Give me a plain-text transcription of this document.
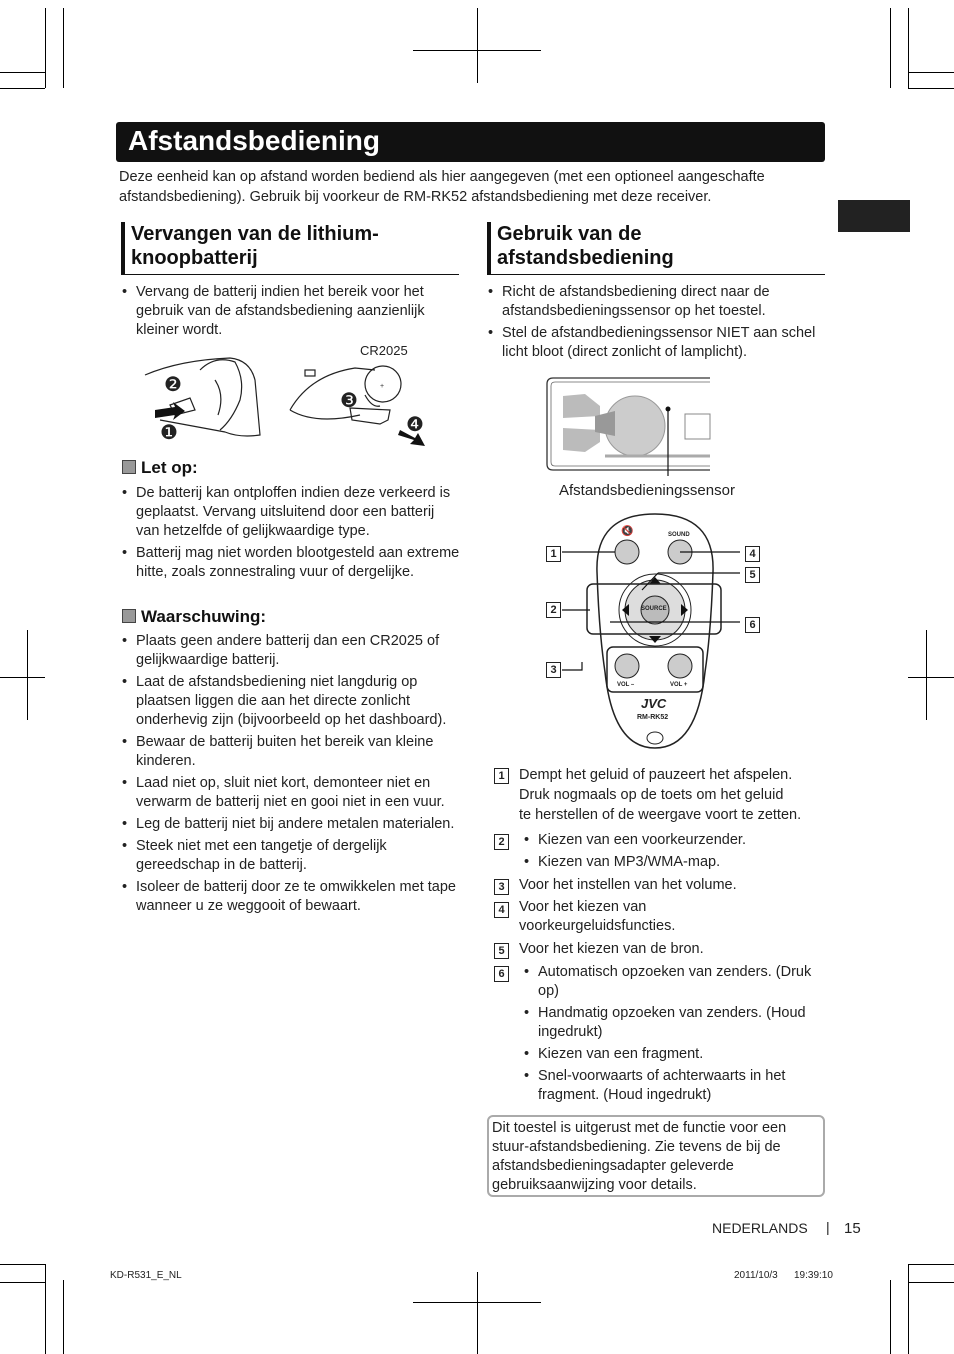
Afstandsbediening
Deze eenheid kan op afstand worden bediend als hier aangegeven (met een optioneel aangeschafte afstandsbediening). Gebruik bij voorkeur de RM-RK52 afstandsbediening met deze receiver.
Vervangen van de lithium-
knoopbatterij
• Vervang de batterij indien het bereik voor het gebruik van de afstandsbediening aanzienlijk kleiner wordt.
+
CR2025
❷
❶
❸
❹
Let op:
• De batterij kan ontploffen indien deze verkeerd is geplaatst. Vervang uitsluitend door een batterij van hetzelfde of gelijkwaardige type.
• Batterij mag niet worden blootgesteld aan extreme hitte, zoals zonnestraling vuur of dergelijke.
Waarschuwing:
• Plaats geen andere batterij dan een CR2025 of gelijkwaardige batterij.
• Laat de afstandsbediening niet langdurig op plaatsen liggen die aan het directe zonlicht onderhevig zijn (bijvoorbeeld op het dashboard).
• Bewaar de batterij buiten het bereik van kleine kinderen.
• Laad niet op, sluit niet kort, demonteer niet en verwarm de batterij niet en gooi niet in een vuur.
• Leg de batterij niet bij andere metalen materialen.
• Steek niet met een tangetje of dergelijk gereedschap in de batterij.
• Isoleer de batterij door ze te omwikkelen met tape wanneer u ze weggooit of bewaart.
Gebruik van de
afstandsbediening
• Richt de afstandsbediening direct naar de afstandsbedieningssensor op het toestel.
• Stel de afstandbedieningssensor NIET aan schel licht bloot (direct zonlicht of lamplicht).
Afstandsbedieningssensor
SOUND
SOURCE
VOL –	VOL +
JVC
RM-RK52
🔇
1	4
5
2
6
3
1 Dempt het geluid of pauzeert het afspelen.
Druk nogmaals op de toets om het geluid
te herstellen of de weergave voort te zetten.
2	• Kiezen van een voorkeurzender.
• Kiezen van MP3/WMA-map.
3 Voor het instellen van het volume.
4 Voor het kiezen van
voorkeurgeluidsfuncties.
5 Voor het kiezen van de bron.
6	• Automatisch opzoeken van zenders. (Druk op)
• Handmatig opzoeken van zenders. (Houd ingedrukt)
• Kiezen van een fragment.
• Snel-voorwaarts of achterwaarts in het fragment. (Houd ingedrukt)
Dit toestel is uitgerust met de functie voor een stuur-afstandsbediening. Zie tevens de bij de afstandsbedieningsadapter geleverde gebruiksaanwijzing voor details.
NEDERLANDS | 15
KD-R531_E_NL	2011/10/3 19:39:10
